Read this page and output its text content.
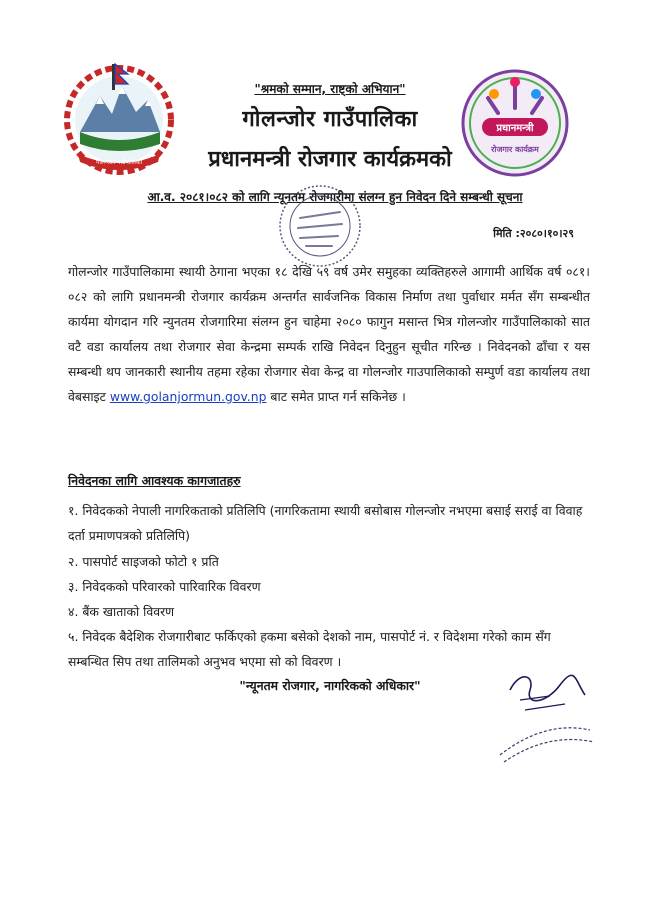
गोलन्जोर गाउँपालिका
प्रधानमन्त्री
रोजगार कार्यक्रम
"श्रमको सम्मान, राष्ट्को अभियान"
गोलन्जोर गाउँपालिका
प्रधानमन्त्री रोजगार कार्यक्रमको
आ.व. २०८१।०८२ को लागि न्यूनतम रोजगारीमा संलग्न हुन निवेदन दिने सम्बन्धी सूचना
मिति :२०८०।१०।२९

गोलन्जोर गाउँपालिकामा स्थायी ठेगाना भएका १८ देखि ५९ वर्ष उमेर समुहका व्यक्तिहरुले आगामी आर्थिक वर्ष ०८१।०८२ को लागि प्रधानमन्त्री रोजगार कार्यक्रम अन्तर्गत सार्वजनिक विकास निर्माण तथा पुर्वाधार मर्मत सँग सम्बन्धीत कार्यमा योगदान गरि न्युनतम रोजगारिमा संलग्न हुन चाहेमा २०८० फागुन मसान्त भित्र गोलन्जोर गाउँपालिकाको सात वटै वडा कार्यालय तथा रोजगार सेवा केन्द्रमा सम्पर्क राखि निवेदन दिनुहुन सूचीत गरिन्छ । निवेदनको ढाँचा र यस सम्बन्धी थप जानकारी स्थानीय तहमा रहेका रोजगार सेवा केन्द्र वा गोलन्जोर गाउपालिकाको सम्पुर्ण वडा कार्यालय तथा वेबसाइट www.golanjormun.gov.np बाट समेत प्राप्त गर्न सकिनेछ ।

निवेदनका लागि आवश्यक कागजातहरु
१. निवेदकको नेपाली नागरिकताको प्रतिलिपि (नागरिकतामा स्थायी बसोबास गोलन्जोर नभएमा बसाई सराई वा विवाह दर्ता प्रमाणपत्रको प्रतिलिपि)
२. पासपोर्ट साइजको फोटो १ प्रति
३. निवेदकको परिवारको पारिवारिक विवरण
४. बैंक खाताको विवरण
५. निवेदक बैदेशिक रोजगारीबाट फर्किएको हकमा बसेको देशको नाम, पासपोर्ट नं. र विदेशमा गरेको काम सँग सम्बन्धित सिप तथा तालिमको अनुभव भएमा सो को विवरण ।
"न्यूनतम रोजगार, नागरिकको अधिकार"
